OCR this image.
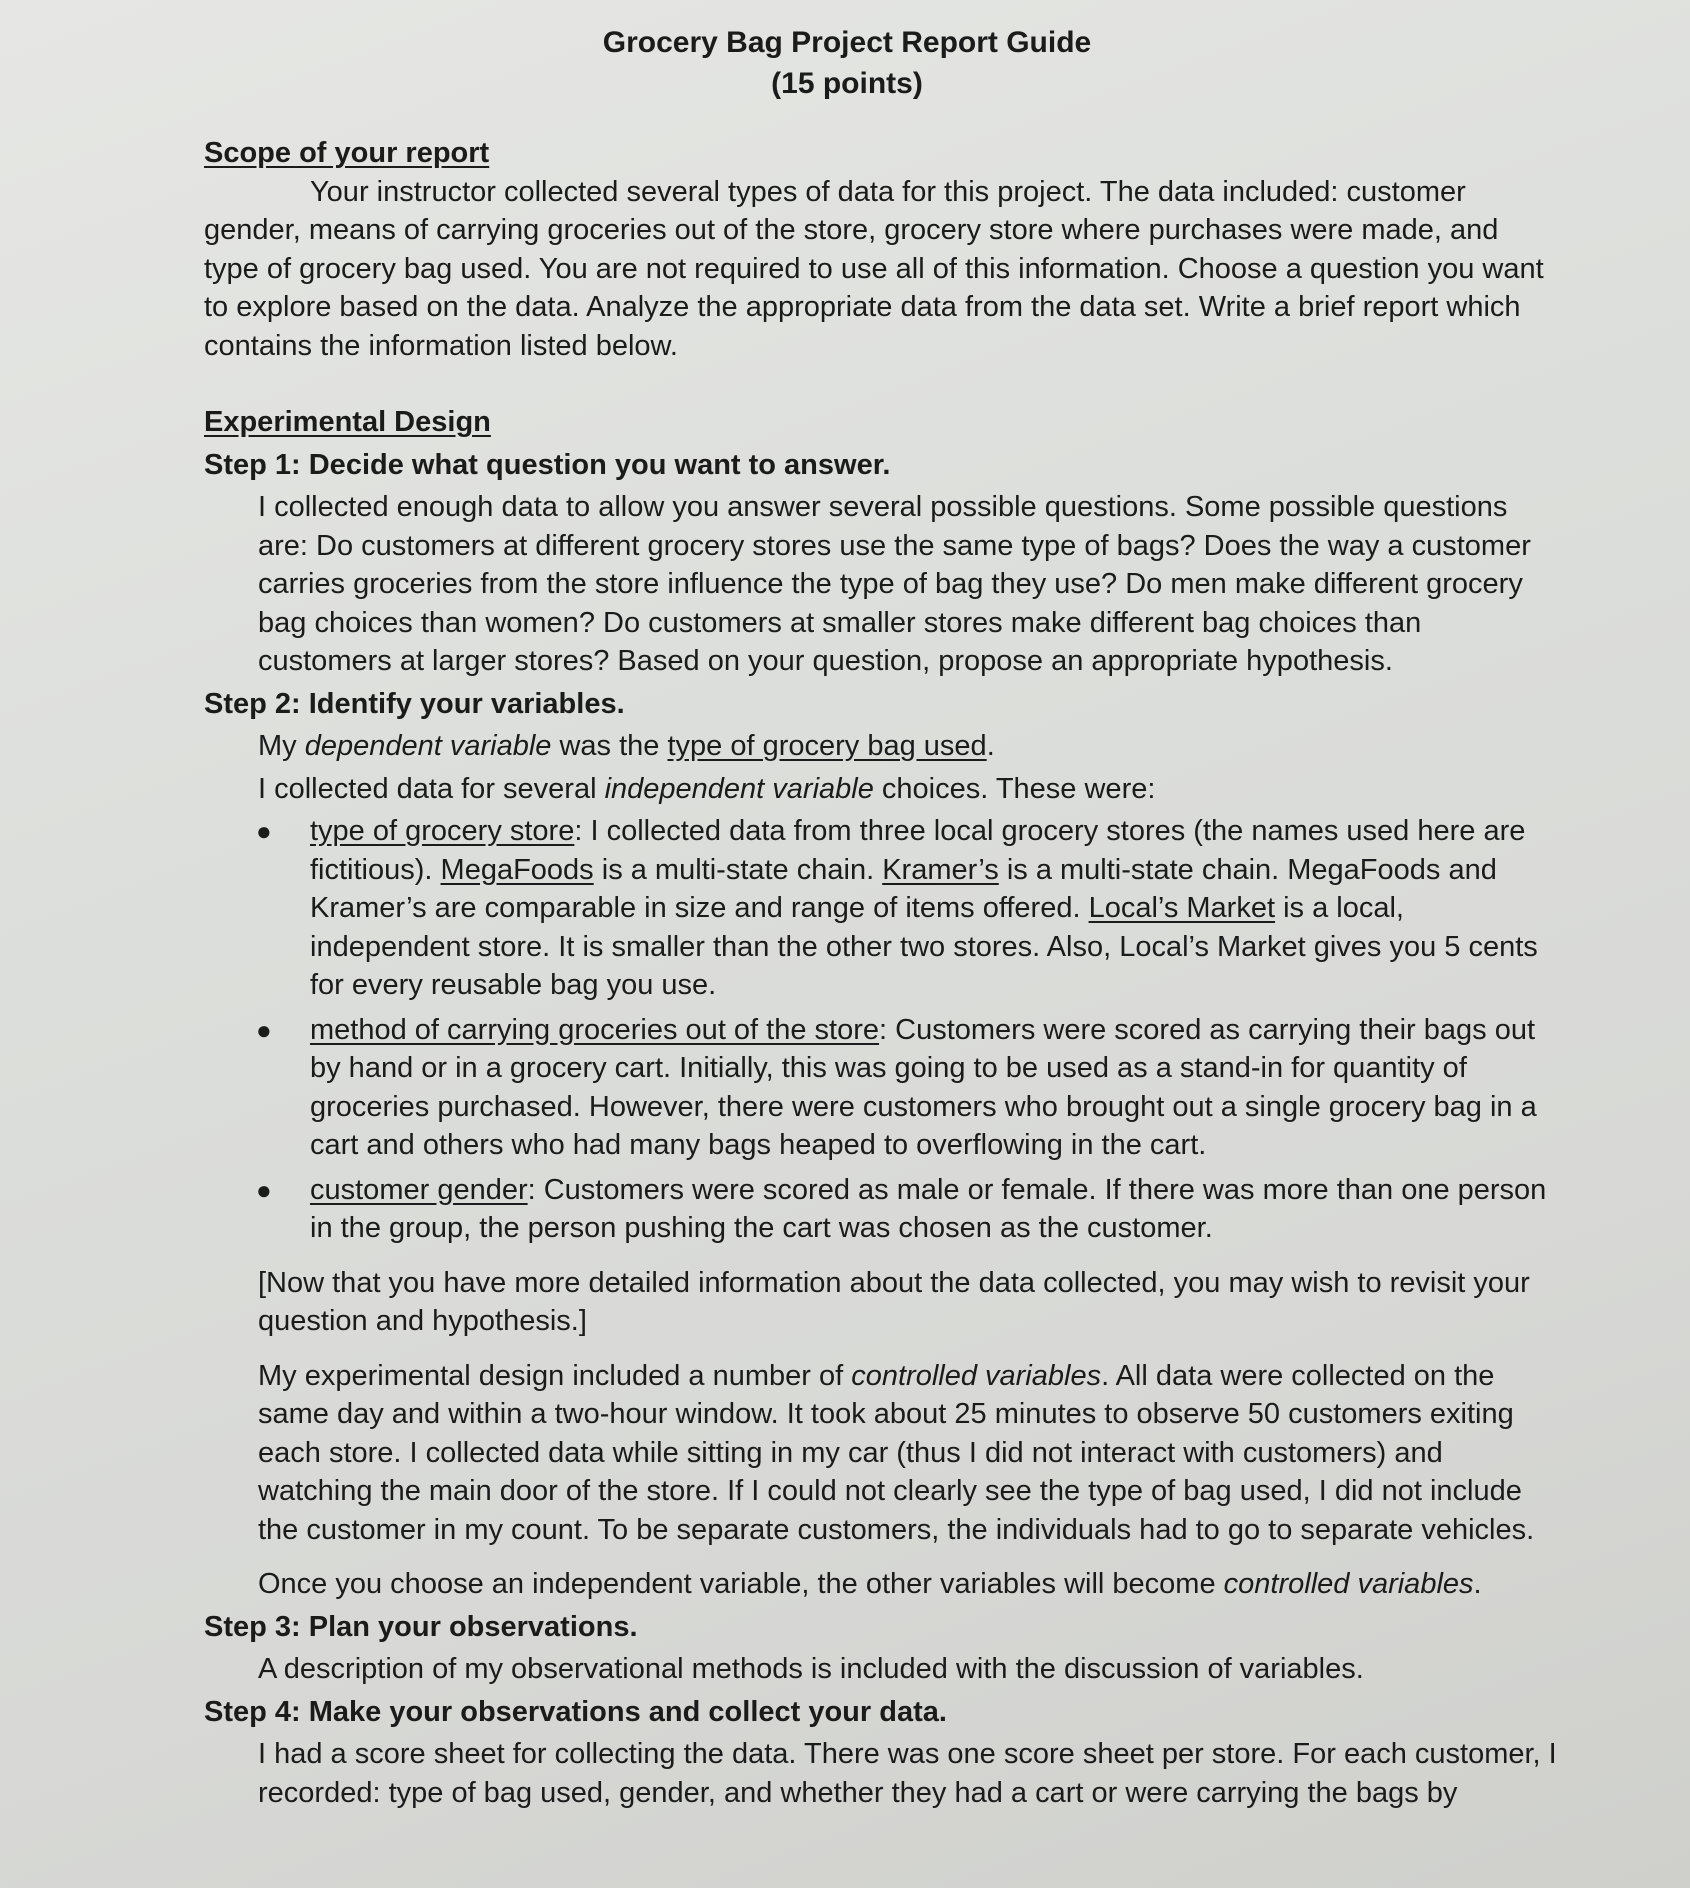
Grocery Bag Project Report Guide
(15 points)
Scope of your report
Your instructor collected several types of data for this project. The data included: customer gender, means of carrying groceries out of the store, grocery store where purchases were made, and type of grocery bag used. You are not required to use all of this information. Choose a question you want to explore based on the data. Analyze the appropriate data from the data set. Write a brief report which contains the information listed below.
Experimental Design
Step 1: Decide what question you want to answer.
I collected enough data to allow you answer several possible questions. Some possible questions are: Do customers at different grocery stores use the same type of bags? Does the way a customer carries groceries from the store influence the type of bag they use? Do men make different grocery bag choices than women? Do customers at smaller stores make different bag choices than customers at larger stores? Based on your question, propose an appropriate hypothesis.
Step 2: Identify your variables.
My dependent variable was the type of grocery bag used.
I collected data for several independent variable choices. These were:
● type of grocery store: I collected data from three local grocery stores (the names used here are fictitious). MegaFoods is a multi-state chain. Kramer’s is a multi-state chain. MegaFoods and Kramer’s are comparable in size and range of items offered. Local’s Market is a local, independent store. It is smaller than the other two stores. Also, Local’s Market gives you 5 cents for every reusable bag you use.
● method of carrying groceries out of the store: Customers were scored as carrying their bags out by hand or in a grocery cart. Initially, this was going to be used as a stand-in for quantity of groceries purchased. However, there were customers who brought out a single grocery bag in a cart and others who had many bags heaped to overflowing in the cart.
● customer gender: Customers were scored as male or female. If there was more than one person in the group, the person pushing the cart was chosen as the customer.
[Now that you have more detailed information about the data collected, you may wish to revisit your question and hypothesis.]
My experimental design included a number of controlled variables. All data were collected on the same day and within a two-hour window. It took about 25 minutes to observe 50 customers exiting each store. I collected data while sitting in my car (thus I did not interact with customers) and watching the main door of the store. If I could not clearly see the type of bag used, I did not include the customer in my count. To be separate customers, the individuals had to go to separate vehicles.
Once you choose an independent variable, the other variables will become controlled variables.
Step 3: Plan your observations.
A description of my observational methods is included with the discussion of variables.
Step 4: Make your observations and collect your data.
I had a score sheet for collecting the data. There was one score sheet per store. For each customer, I recorded: type of bag used, gender, and whether they had a cart or were carrying the bags by
